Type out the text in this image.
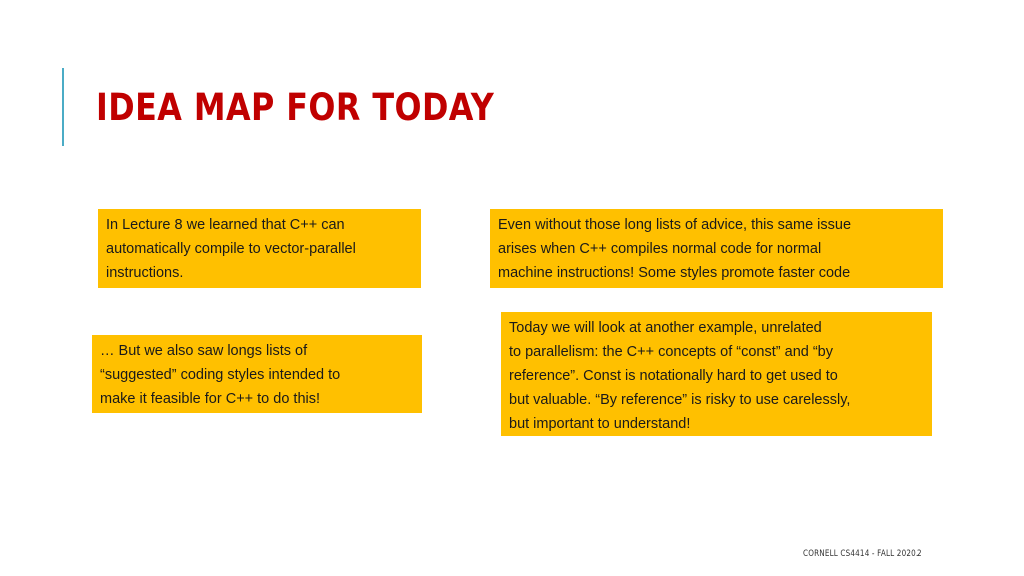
IDEA MAP FOR TODAY
In Lecture 8 we learned that C++ can
automatically compile to vector-parallel
instructions.
Even without those long lists of advice, this same issue
arises when C++ compiles normal code for normal
machine instructions! Some styles promote faster code
… But we also saw longs lists of
“suggested” coding styles intended to
make it feasible for C++ to do this!
Today we will look at another example, unrelated
to parallelism: the C++ concepts of “const” and “by
reference”. Const is notationally hard to get used to
but valuable. “By reference” is risky to use carelessly,
but important to understand!
CORNELL CS4414 - FALL 2020.
2
